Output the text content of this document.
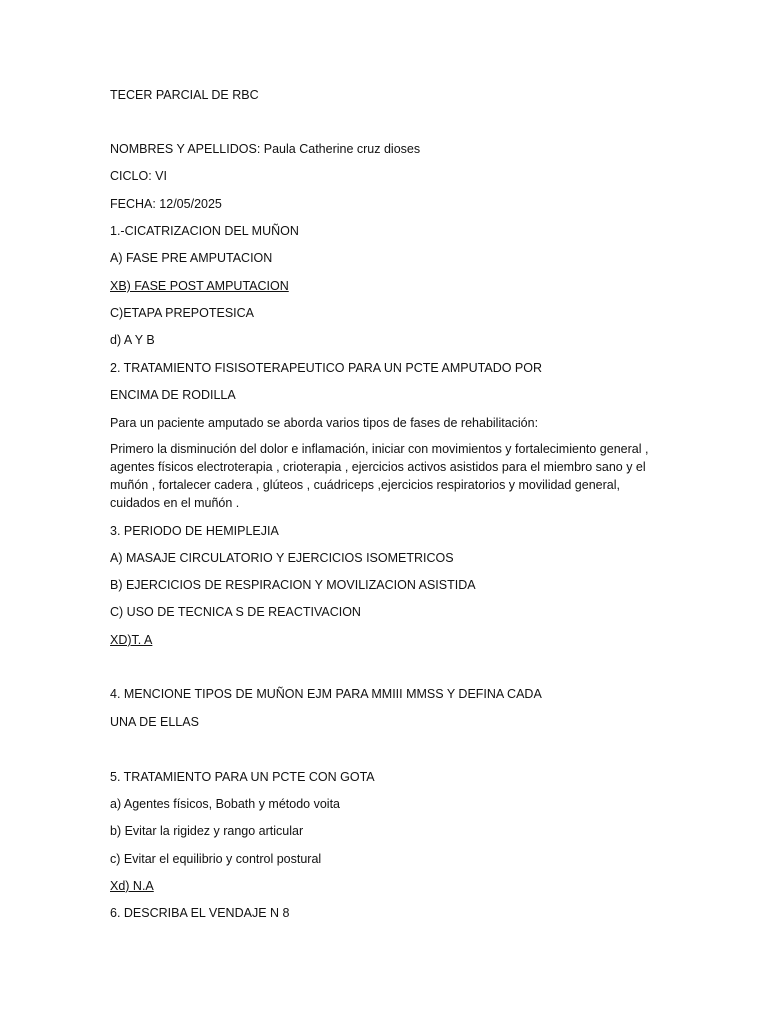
TECER PARCIAL DE RBC

NOMBRES Y APELLIDOS: Paula Catherine cruz dioses

CICLO: VI

FECHA: 12/05/2025

1.-CICATRIZACION DEL MUÑON

A) FASE PRE AMPUTACION

XB) FASE POST AMPUTACION

C)ETAPA PREPOTESICA

d) A Y B

2. TRATAMIENTO FISISOTERAPEUTICO PARA UN PCTE AMPUTADO POR

ENCIMA DE RODILLA

Para un paciente amputado se aborda varios tipos de fases de rehabilitación:

Primero la disminución del dolor e inflamación, iniciar con movimientos y fortalecimiento general , agentes físicos electroterapia , crioterapia , ejercicios activos asistidos para el miembro sano y el muñón , fortalecer cadera , glúteos , cuádriceps ,ejercicios respiratorios y movilidad general, cuidados en el muñón .

3. PERIODO DE HEMIPLEJIA

A) MASAJE CIRCULATORIO Y EJERCICIOS ISOMETRICOS

B) EJERCICIOS DE RESPIRACION Y MOVILIZACION ASISTIDA

C) USO DE TECNICA S DE REACTIVACION

XD)T. A

4. MENCIONE TIPOS DE MUÑON EJM PARA MMIII MMSS Y DEFINA CADA

UNA DE ELLAS

5. TRATAMIENTO PARA UN PCTE CON GOTA

a) Agentes físicos, Bobath y método voita

b) Evitar la rigidez y rango articular

c) Evitar el equilibrio y control postural

Xd) N.A

6. DESCRIBA EL VENDAJE N 8
